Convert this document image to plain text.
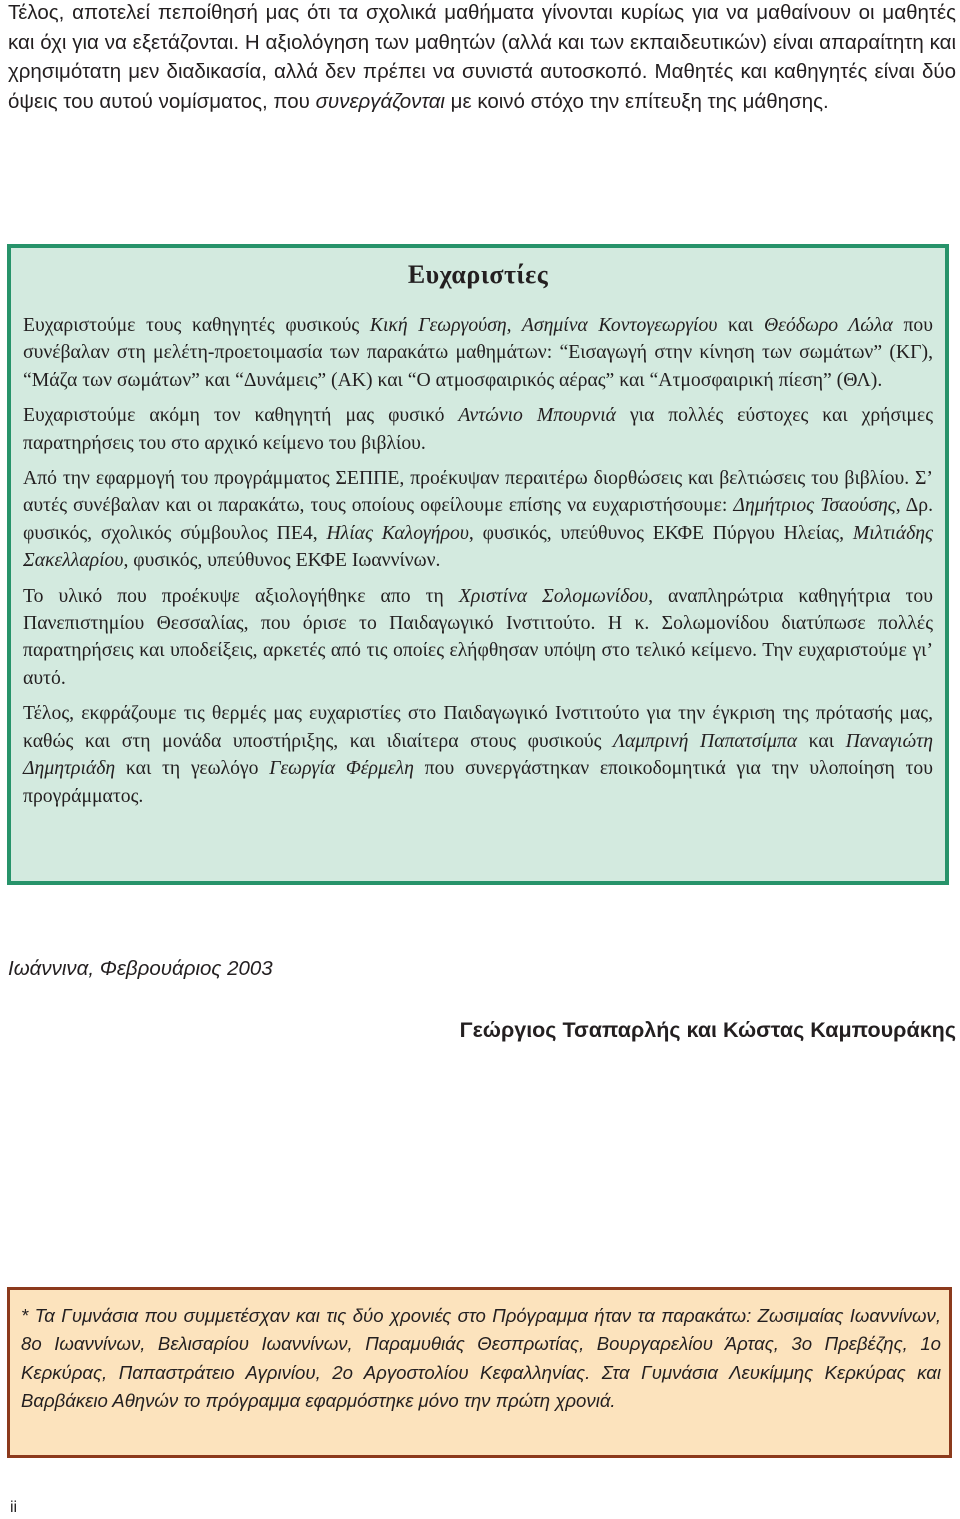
Τέλος, αποτελεί πεποίθησή μας ότι τα σχολικά μαθήματα γίνονται κυρίως για να μαθαίνουν οι μαθητές και όχι για να εξετάζονται. Η αξιολόγηση των μαθητών (αλλά και των εκπαιδευτικών) είναι απαραίτητη και χρησιμότατη μεν διαδικασία, αλλά δεν πρέπει να συνιστά αυτοσκοπό. Μαθητές και καθηγητές είναι δύο όψεις του αυτού νομίσματος, που συνεργάζονται με κοινό στόχο την επίτευξη της μάθησης.

Ευχαριστίες

Ευχαριστούμε τους καθηγητές φυσικούς Κική Γεωργούση, Ασημίνα Κοντογεωργίου και Θεόδωρο Λώλα που συνέβαλαν στη μελέτη-προετοιμασία των παρακάτω μαθημάτων: “Εισαγωγή στην κίνηση των σωμάτων” (ΚΓ), “Μάζα των σωμάτων” και “Δυνάμεις” (ΑΚ) και “Ο ατμοσφαιρικός αέρας” και “Ατμοσφαιρική πίεση” (ΘΛ).

Ευχαριστούμε ακόμη τον καθηγητή μας φυσικό Αντώνιο Μπουρνιά για πολλές εύστοχες και χρήσιμες παρατηρήσεις του στο αρχικό κείμενο του βιβλίου.

Από την εφαρμογή του προγράμματος ΣΕΠΠΕ, προέκυψαν περαιτέρω διορθώσεις και βελτιώσεις του βιβλίου. Σ’ αυτές συνέβαλαν και οι παρακάτω, τους οποίους οφείλουμε επίσης να ευχαριστήσουμε: Δημήτριος Τσαούσης, Δρ. φυσικός, σχολικός σύμβουλος ΠΕ4, Ηλίας Καλογήρου, φυσικός, υπεύθυνος ΕΚΦΕ Πύργου Ηλείας, Μιλτιάδης Σακελλαρίου, φυσικός, υπεύθυνος ΕΚΦΕ Ιωαννίνων.

Το υλικό που προέκυψε αξιολογήθηκε απο τη Χριστίνα Σολομωνίδου, αναπληρώτρια καθηγήτρια του Πανεπιστημίου Θεσσαλίας, που όρισε το Παιδαγωγικό Ινστιτούτο. Η κ. Σολωμονίδου διατύπωσε πολλές παρατηρήσεις και υποδείξεις, αρκετές από τις οποίες ελήφθησαν υπόψη στο τελικό κείμενο. Την ευχαριστούμε γι’ αυτό.

Τέλος, εκφράζουμε τις θερμές μας ευχαριστίες στο Παιδαγωγικό Ινστιτούτο για την έγκριση της πρότασής μας, καθώς και στη μονάδα υποστήριξης, και ιδιαίτερα στους φυσικούς Λαμπρινή Παπατσίμπα και Παναγιώτη Δημητριάδη και τη γεωλόγο Γεωργία Φέρμελη που συνεργάστηκαν εποικοδομητικά για την υλοποίηση του προγράμματος.

Ιωάννινα, Φεβρουάριος 2003

Γεώργιος Τσαπαρλής και Κώστας Καμπουράκης

* Τα Γυμνάσια που συμμετέσχαν και τις δύο χρονιές στο Πρόγραμμα ήταν τα παρακάτω: Ζωσιμαίας Ιωαννίνων, 8ο Ιωαννίνων, Βελισαρίου Ιωαννίνων, Παραμυθιάς Θεσπρωτίας, Βουργαρελίου Άρτας, 3ο Πρεβέζης, 1ο Κερκύρας, Παπαστράτειο Αγρινίου, 2ο Αργοστολίου Κεφαλληνίας. Στα Γυμνάσια Λευκίμμης Κερκύρας και Βαρβάκειο Αθηνών το πρόγραμμα εφαρμόστηκε μόνο την πρώτη χρονιά.

ii
